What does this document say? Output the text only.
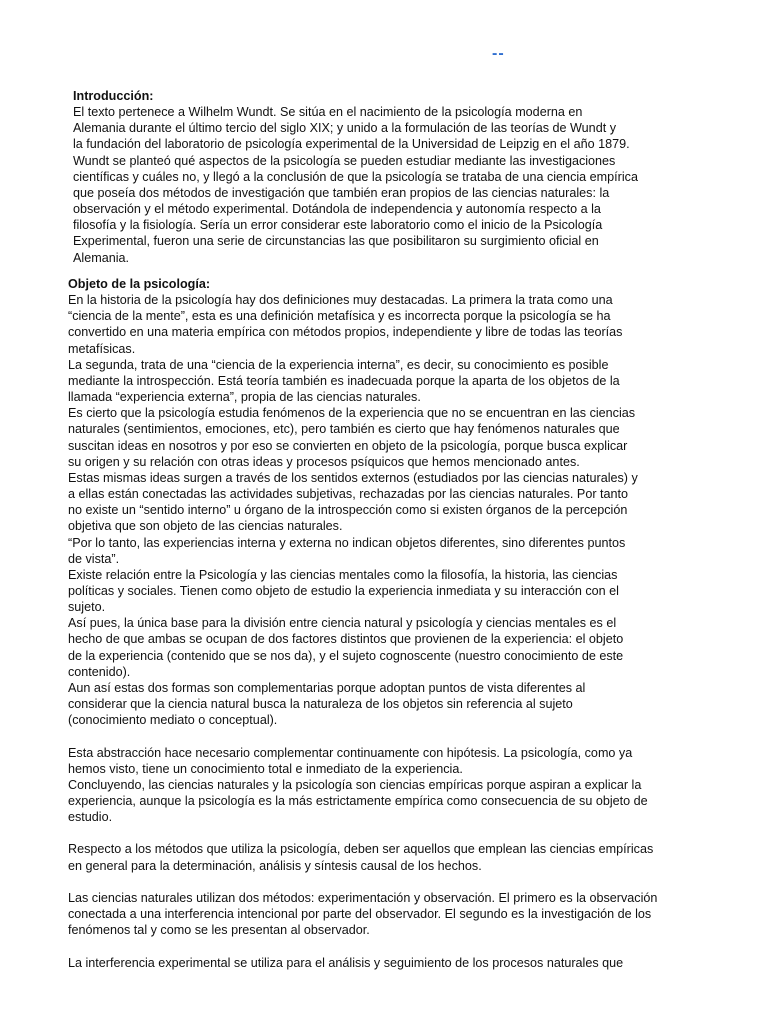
--

Introducción:

El texto pertenece a Wilhelm Wundt. Se sitúa en el nacimiento de la psicología moderna en
Alemania durante el último tercio del siglo XIX; y unido a la formulación de las teorías de Wundt y
la fundación del laboratorio de psicología experimental de la Universidad de Leipzig en el año 1879.
Wundt se planteó qué aspectos de la psicología se pueden estudiar mediante las investigaciones
científicas y cuáles no, y llegó a la conclusión de que la psicología se trataba de una ciencia empírica
que poseía dos métodos de investigación que también eran propios de las ciencias naturales: la
observación y el método experimental. Dotándola de independencia y autonomía respecto a la
filosofía y la fisiología. Sería un error considerar este laboratorio como el inicio de la Psicología
Experimental, fueron una serie de circunstancias las que posibilitaron su surgimiento oficial en
Alemania.

Objeto de la psicología:

En la historia de la psicología hay dos definiciones muy destacadas. La primera la trata como una
“ciencia de la mente”, esta es una definición metafísica y es incorrecta porque la psicología se ha
convertido en una materia empírica con métodos propios, independiente y libre de todas las teorías
metafísicas.
La segunda, trata de una “ciencia de la experiencia interna”, es decir, su conocimiento es posible
mediante la introspección. Está teoría también es inadecuada porque la aparta de los objetos de la
llamada “experiencia externa”, propia de las ciencias naturales.
Es cierto que la psicología estudia fenómenos de la experiencia que no se encuentran en las ciencias
naturales (sentimientos, emociones, etc), pero también es cierto que hay fenómenos naturales que
suscitan ideas en nosotros y por eso se convierten en objeto de la psicología, porque busca explicar
su origen y su relación con otras ideas y procesos psíquicos que hemos mencionado antes.
Estas mismas ideas surgen a través de los sentidos externos (estudiados por las ciencias naturales) y
a ellas están conectadas las actividades subjetivas, rechazadas por las ciencias naturales. Por tanto
no existe un “sentido interno” u órgano de la introspección como si existen órganos de la percepción
objetiva que son objeto de las ciencias naturales.
“Por lo tanto, las experiencias interna y externa no indican objetos diferentes, sino diferentes puntos
de vista”.
Existe relación entre la Psicología y las ciencias mentales como la filosofía, la historia, las ciencias
políticas y sociales. Tienen como objeto de estudio la experiencia inmediata y su interacción con el
sujeto.
Así pues, la única base para la división entre ciencia natural y psicología y ciencias mentales es el
hecho de que ambas se ocupan de dos factores distintos que provienen de la experiencia: el objeto
de la experiencia (contenido que se nos da), y el sujeto cognoscente (nuestro conocimiento de este
contenido).
Aun así estas dos formas son complementarias porque adoptan puntos de vista diferentes al
considerar que la ciencia natural busca la naturaleza de los objetos sin referencia al sujeto
(conocimiento mediato o conceptual).
Esta abstracción hace necesario complementar continuamente con hipótesis. La psicología, como ya
hemos visto, tiene un conocimiento total e inmediato de la experiencia.
Concluyendo, las ciencias naturales y la psicología son ciencias empíricas porque aspiran a explicar la
experiencia, aunque la psicología es la más estrictamente empírica como consecuencia de su objeto de
estudio.
Respecto a los métodos que utiliza la psicología, deben ser aquellos que emplean las ciencias empíricas
en general para la determinación, análisis y síntesis causal de los hechos.
Las ciencias naturales utilizan dos métodos: experimentación y observación. El primero es la observación
conectada a una interferencia intencional por parte del observador. El segundo es la investigación de los
fenómenos tal y como se les presentan al observador.
La interferencia experimental se utiliza para el análisis y seguimiento de los procesos naturales que
